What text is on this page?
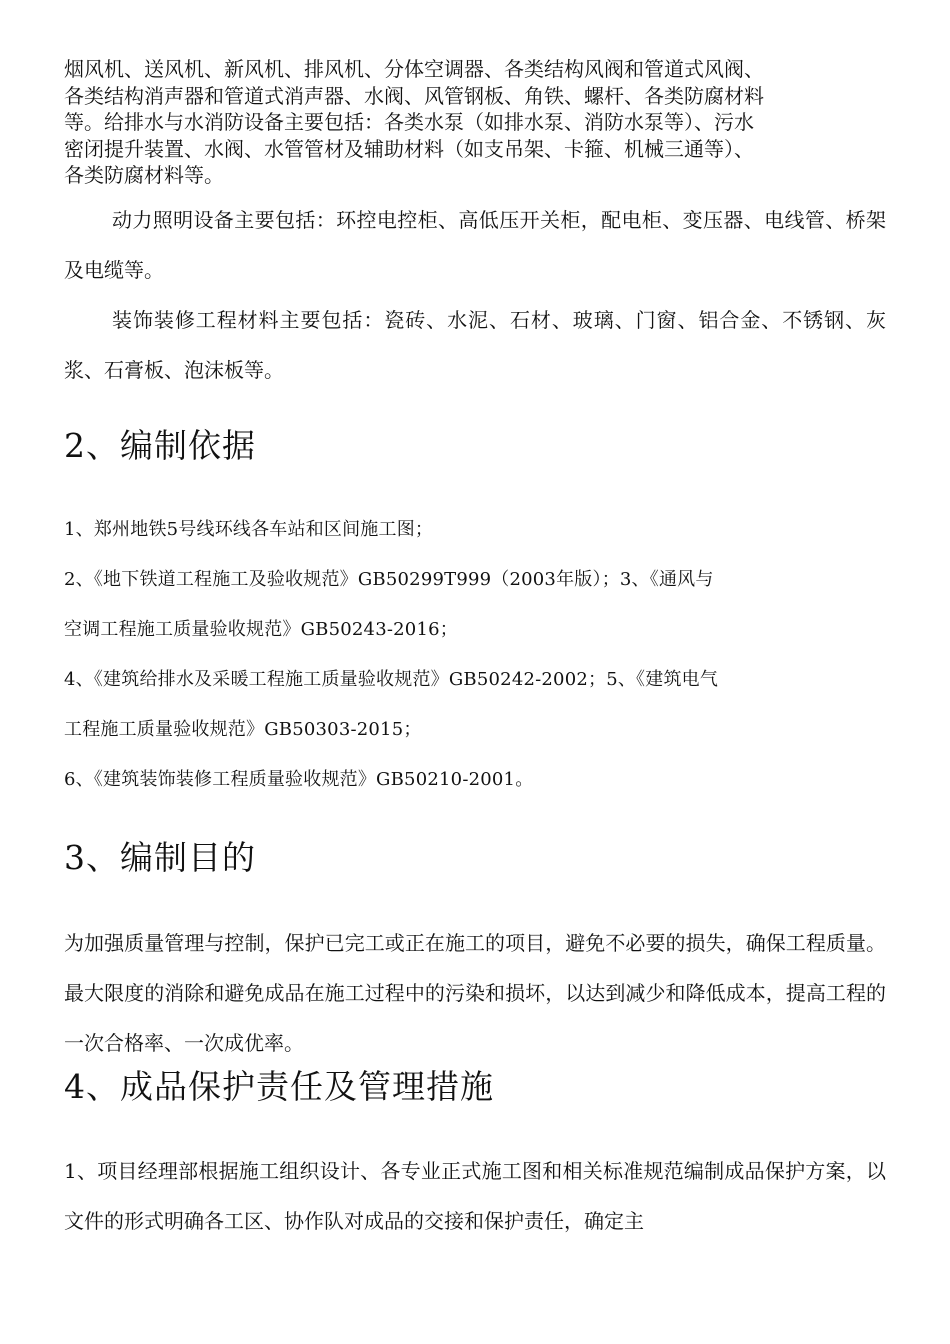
烟风机、送风机、新风机、排风机、分体空调器、各类结构风阀和管道式风阀、
各类结构消声器和管道式消声器、水阀、风管钢板、角铁、螺杆、各类防腐材料
等。给排水与水消防设备主要包括：各类水泵（如排水泵、消防水泵等）、污水
密闭提升装置、水阀、水管管材及辅助材料（如支吊架、卡箍、机械三通等）、
各类防腐材料等。

动力照明设备主要包括：环控电控柜、高低压开关柜，配电柜、变压器、电线管、桥架及电缆等。

装饰装修工程材料主要包括：瓷砖、水泥、石材、玻璃、门窗、铝合金、不锈钢、灰浆、石膏板、泡沫板等。

2、编制依据
1、郑州地铁5号线环线各车站和区间施工图；
2、《地下铁道工程施工及验收规范》GB50299T999（2003年版）；3、《通风与
空调工程施工质量验收规范》GB50243-2016；
4、《建筑给排水及采暖工程施工质量验收规范》GB50242-2002；5、《建筑电气
工程施工质量验收规范》GB50303-2015；
6、《建筑装饰装修工程质量验收规范》GB50210-2001。
3、编制目的

为加强质量管理与控制，保护已完工或正在施工的项目，避免不必要的损失，确保工程质量。最大限度的消除和避免成品在施工过程中的污染和损坏，以达到减少和降低成本，提高工程的一次合格率、一次成优率。

4、成品保护责任及管理措施

1、项目经理部根据施工组织设计、各专业正式施工图和相关标准规范编制成品保护方案，以文件的形式明确各工区、协作队对成品的交接和保护责任，确定主
